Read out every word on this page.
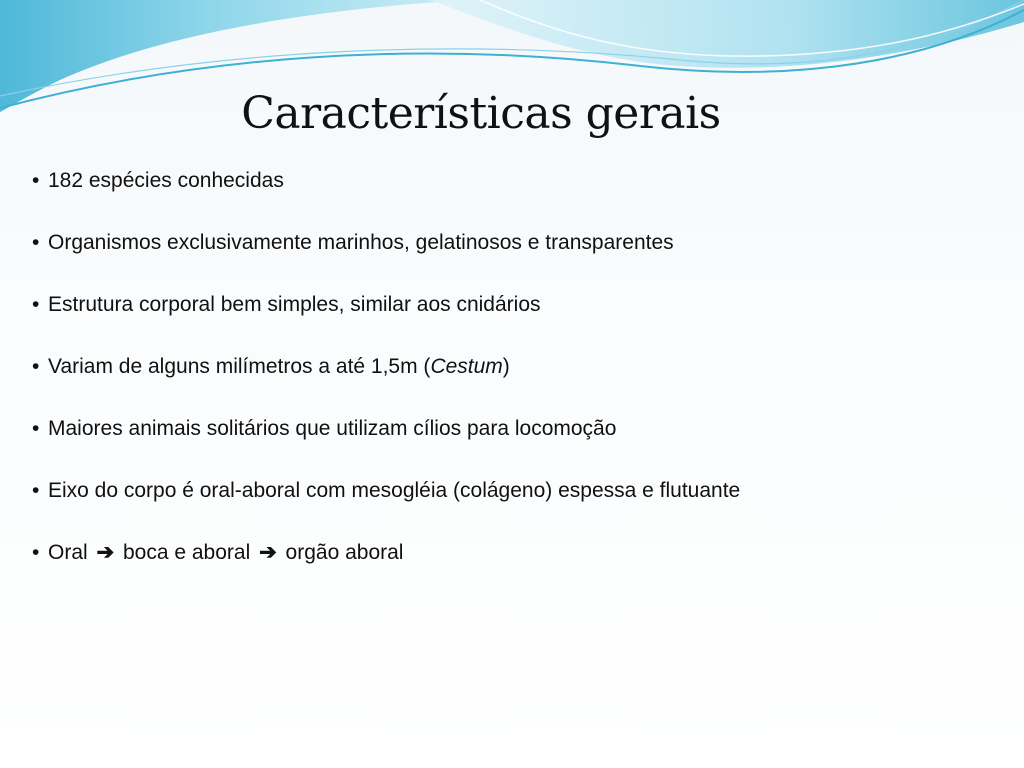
Características gerais
• 182 espécies conhecidas
• Organismos exclusivamente marinhos, gelatinosos e transparentes
• Estrutura corporal bem simples, similar aos cnidários
• Variam de alguns milímetros a até 1,5m (Cestum)
• Maiores animais solitários que utilizam cílios para locomoção
• Eixo do corpo é oral-aboral com mesogléia (colágeno) espessa e flutuante
• Oral ➔ boca e aboral ➔ orgão aboral
